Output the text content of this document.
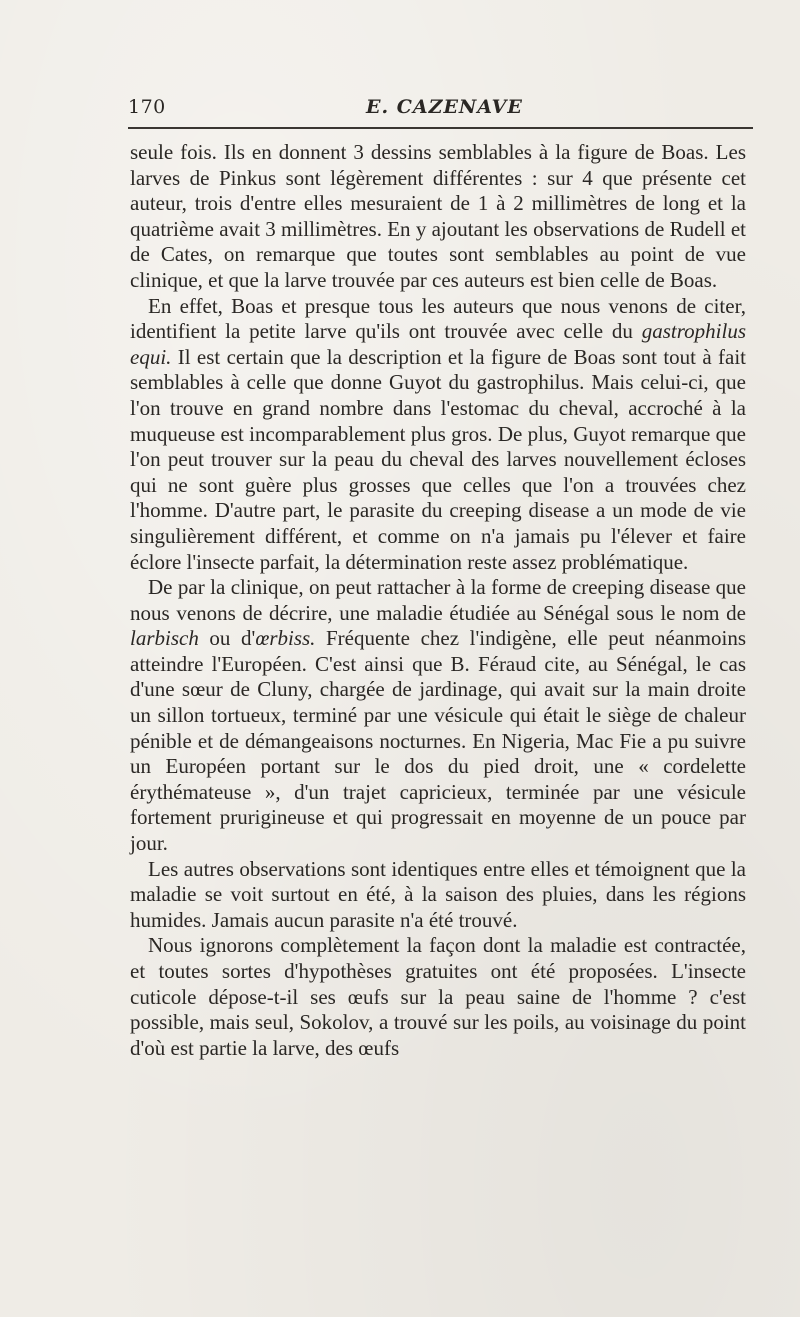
170	E. CAZENAVE

seule fois. Ils en donnent 3 dessins semblables à la figure de Boas. Les larves de Pinkus sont légèrement différentes : sur 4 que présente cet auteur, trois d'entre elles mesuraient de 1 à 2 millimètres de long et la quatrième avait 3 millimètres. En y ajoutant les observations de Rudell et de Cates, on remarque que toutes sont semblables au point de vue clinique, et que la larve trouvée par ces auteurs est bien celle de Boas.

En effet, Boas et presque tous les auteurs que nous venons de citer, identifient la petite larve qu'ils ont trouvée avec celle du gastrophilus equi. Il est certain que la description et la figure de Boas sont tout à fait semblables à celle que donne Guyot du gastrophilus. Mais celui-ci, que l'on trouve en grand nombre dans l'estomac du cheval, accroché à la muqueuse est incomparablement plus gros. De plus, Guyot remarque que l'on peut trouver sur la peau du cheval des larves nouvellement écloses qui ne sont guère plus grosses que celles que l'on a trouvées chez l'homme. D'autre part, le parasite du creeping disease a un mode de vie singulièrement différent, et comme on n'a jamais pu l'élever et faire éclore l'insecte parfait, la détermination reste assez problématique.

De par la clinique, on peut rattacher à la forme de creeping disease que nous venons de décrire, une maladie étudiée au Sénégal sous le nom de larbisch ou d'œrbiss. Fréquente chez l'indigène, elle peut néanmoins atteindre l'Européen. C'est ainsi que B. Féraud cite, au Sénégal, le cas d'une sœur de Cluny, chargée de jardinage, qui avait sur la main droite un sillon tortueux, terminé par une vésicule qui était le siège de chaleur pénible et de démangeaisons nocturnes. En Nigeria, Mac Fie a pu suivre un Européen portant sur le dos du pied droit, une « cordelette érythémateuse », d'un trajet capricieux, terminée par une vésicule fortement prurigineuse et qui progressait en moyenne de un pouce par jour.

Les autres observations sont identiques entre elles et témoignent que la maladie se voit surtout en été, à la saison des pluies, dans les régions humides. Jamais aucun parasite n'a été trouvé.

Nous ignorons complètement la façon dont la maladie est contractée, et toutes sortes d'hypothèses gratuites ont été proposées. L'insecte cuticole dépose-t-il ses œufs sur la peau saine de l'homme ? c'est possible, mais seul, Sokolov, a trouvé sur les poils, au voisinage du point d'où est partie la larve, des œufs
